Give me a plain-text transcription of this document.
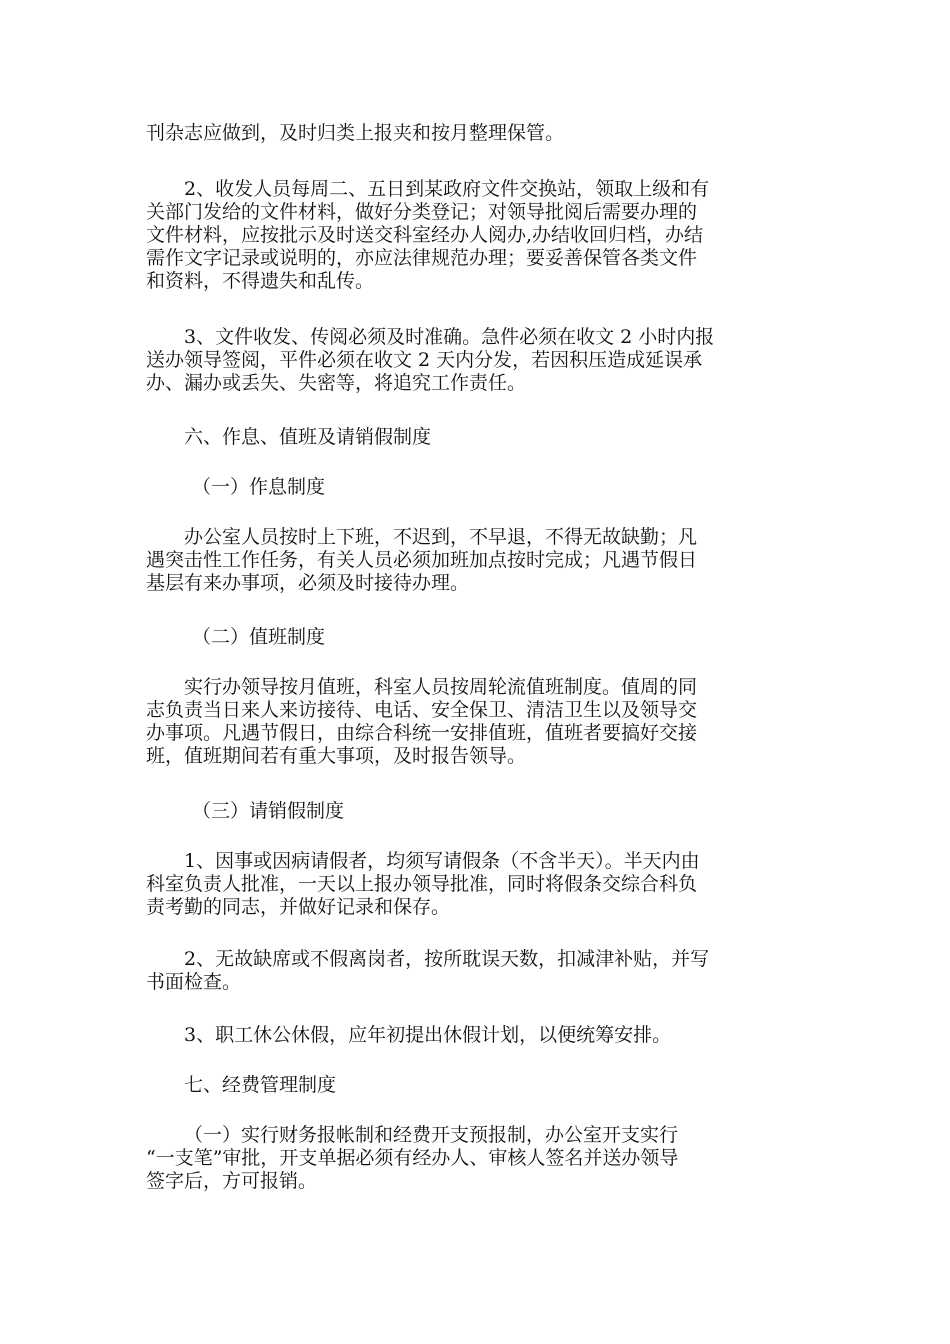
刊杂志应做到，及时归类上报夹和按月整理保管。
2、收发人员每周二、五日到某政府文件交换站，领取上级和有
关部门发给的文件材料，做好分类登记；对领导批阅后需要办理的
文件材料，应按批示及时送交科室经办人阅办,办结收回归档，办结
需作文字记录或说明的，亦应法律规范办理；要妥善保管各类文件
和资料，不得遗失和乱传。
3、文件收发、传阅必须及时准确。急件必须在收文 2 小时内报
送办领导签阅，平件必须在收文 2 天内分发，若因积压造成延误承
办、漏办或丢失、失密等，将追究工作责任。
六、作息、值班及请销假制度
（一）作息制度
办公室人员按时上下班，不迟到，不早退，不得无故缺勤；凡
遇突击性工作任务，有关人员必须加班加点按时完成；凡遇节假日
基层有来办事项，必须及时接待办理。
（二）值班制度
实行办领导按月值班，科室人员按周轮流值班制度。值周的同
志负责当日来人来访接待、电话、安全保卫、清洁卫生以及领导交
办事项。凡遇节假日，由综合科统一安排值班，值班者要搞好交接
班，值班期间若有重大事项，及时报告领导。
（三）请销假制度
1、因事或因病请假者，均须写请假条（不含半天）。半天内由
科室负责人批准，一天以上报办领导批准，同时将假条交综合科负
责考勤的同志，并做好记录和保存。
2、无故缺席或不假离岗者，按所耽误天数，扣减津补贴，并写
书面检查。
3、职工休公休假，应年初提出休假计划，以便统筹安排。
七、经费管理制度
（一）实行财务报帐制和经费开支预报制，办公室开支实行
“一支笔”审批，开支单据必须有经办人、审核人签名并送办领导
签字后，方可报销。
